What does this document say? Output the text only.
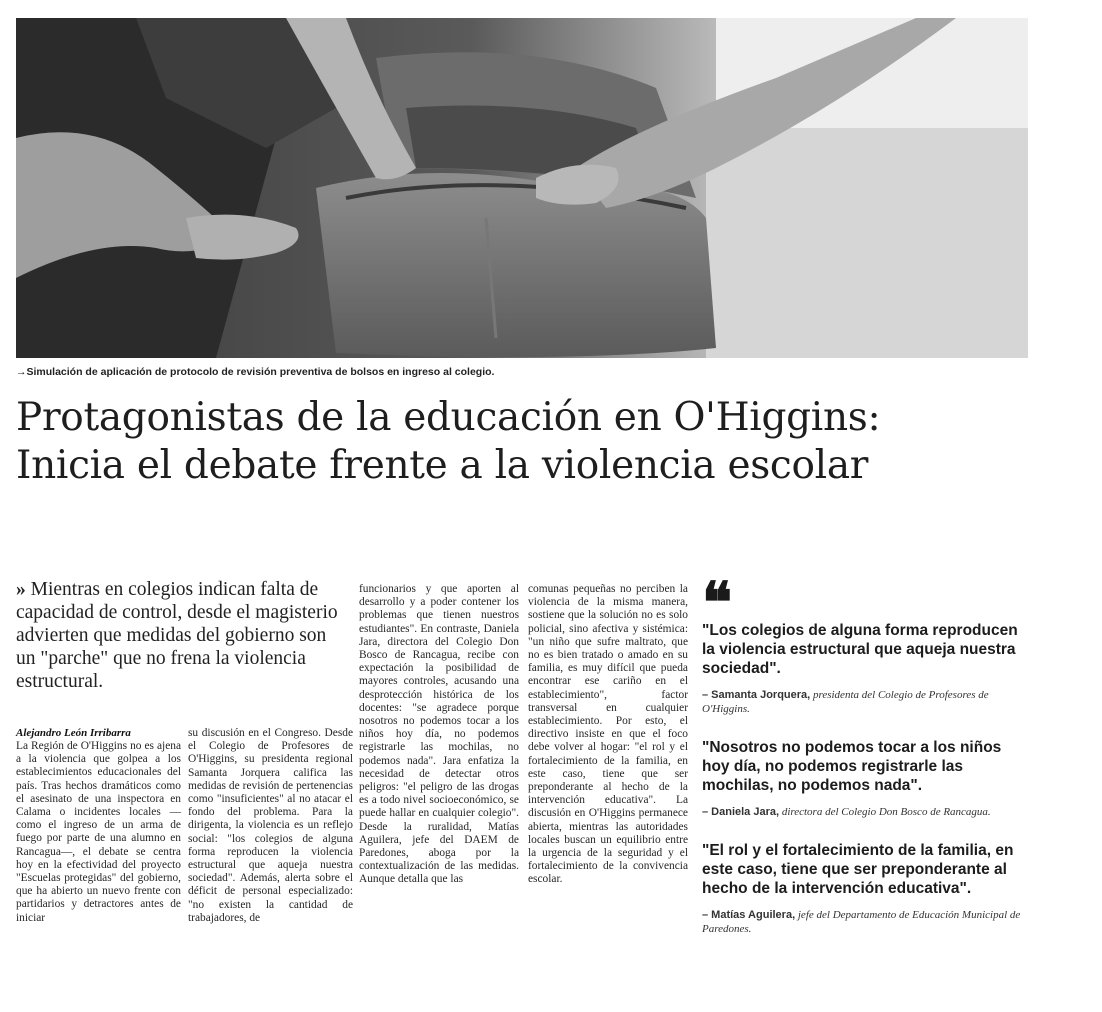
→Simulación de aplicación de protocolo de revisión preventiva de bolsos en ingreso al colegio.
Protagonistas de la educación en O'Higgins:
Inicia el debate frente a la violencia escolar
» Mientras en colegios indican falta de capacidad de control, desde el magisterio advierten que medidas del gobierno son un "parche" que no frena la violencia estructural.
Alejandro León Irribarra

La Región de O'Higgins no es ajena a la violencia que golpea a los establecimientos educacionales del país. Tras hechos dramáticos como el asesinato de una inspectora en Calama o incidentes locales —como el ingreso de un arma de fuego por parte de una alumno en Rancagua—, el debate se centra hoy en la efectividad del proyecto "Escuelas protegidas" del gobierno, que ha abierto un nuevo frente con partidarios y detractores antes de iniciar

su discusión en el Congreso. Desde el Colegio de Profesores de O'Higgins, su presidenta regional Samanta Jorquera califica las medidas de revisión de pertenencias como "insuficientes" al no atacar el fondo del problema. Para la dirigenta, la violencia es un reflejo social: "los colegios de alguna forma reproducen la violencia estructural que aqueja nuestra sociedad". Además, alerta sobre el déficit de personal especializado: "no existen la cantidad de trabajadores, de

funcionarios y que aporten al desarrollo y a poder contener los problemas que tienen nuestros estudiantes". En contraste, Daniela Jara, directora del Colegio Don Bosco de Rancagua, recibe con expectación la posibilidad de mayores controles, acusando una desprotección histórica de los docentes: "se agradece porque nosotros no podemos tocar a los niños hoy día, no podemos registrarle las mochilas, no podemos nada". Jara enfatiza la necesidad de detectar otros peligros: "el peligro de las drogas es a todo nivel socioeconómico, se puede hallar en cualquier colegio". Desde la ruralidad, Matías Aguilera, jefe del DAEM de Paredones, aboga por la contextualización de las medidas. Aunque detalla que las

comunas pequeñas no perciben la violencia de la misma manera, sostiene que la solución no es solo policial, sino afectiva y sistémica: "un niño que sufre maltrato, que no es bien tratado o amado en su familia, es muy difícil que pueda encontrar ese cariño en el establecimiento", factor transversal en cualquier establecimiento. Por esto, el directivo insiste en que el foco debe volver al hogar: "el rol y el fortalecimiento de la familia, en este caso, tiene que ser preponderante al hecho de la intervención educativa". La discusión en O'Higgins permanece abierta, mientras las autoridades locales buscan un equilibrio entre la urgencia de la seguridad y el fortalecimiento de la convivencia escolar.

❝

"Los colegios de alguna forma reproducen la violencia estructural que aqueja nuestra sociedad".

– Samanta Jorquera, presidenta del Colegio de Profesores de O'Higgins.

"Nosotros no podemos tocar a los niños hoy día, no podemos registrarle las mochilas, no podemos nada".

– Daniela Jara, directora del Colegio Don Bosco de Rancagua.

"El rol y el fortalecimiento de la familia, en este caso, tiene que ser preponderante al hecho de la intervención educativa".

– Matías Aguilera, jefe del Departamento de Educación Municipal de Paredones.
